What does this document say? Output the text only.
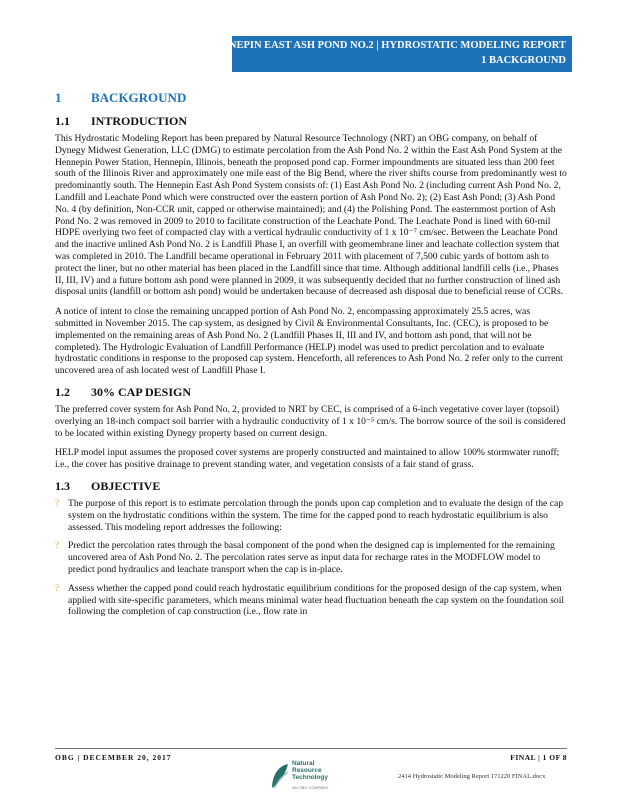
HENNEPIN EAST ASH POND NO.2 | HYDROSTATIC MODELING REPORT
1 BACKGROUND
1 BACKGROUND
1.1 INTRODUCTION

This Hydrostatic Modeling Report has been prepared by Natural Resource Technology (NRT) an OBG company, on behalf of Dynegy Midwest Generation, LLC (DMG) to estimate percolation from the Ash Pond No. 2 within the East Ash Pond System at the Hennepin Power Station, Hennepin, Illinois, beneath the proposed pond cap. Former impoundments are situated less than 200 feet south of the Illinois River and approximately one mile east of the Big Bend, where the river shifts course from predominantly west to predominantly south. The Hennepin East Ash Pond System consists of: (1) East Ash Pond No. 2 (including current Ash Pond No. 2, Landfill and Leachate Pond which were constructed over the eastern portion of Ash Pond No. 2); (2) East Ash Pond; (3) Ash Pond No. 4 (by definition, Non-CCR unit, capped or otherwise maintained); and (4) the Polishing Pond. The easternmost portion of Ash Pond No. 2 was removed in 2009 to 2010 to facilitate construction of the Leachate Pond. The Leachate Pond is lined with 60-mil HDPE overlying two feet of compacted clay with a vertical hydraulic conductivity of 1 x 10⁻⁷ cm/sec. Between the Leachate Pond and the inactive unlined Ash Pond No. 2 is Landfill Phase I, an overfill with geomembrane liner and leachate collection system that was completed in 2010. The Landfill became operational in February 2011 with placement of 7,500 cubic yards of bottom ash to protect the liner, but no other material has been placed in the Landfill since that time. Although additional landfill cells (i.e., Phases II, III, IV) and a future bottom ash pond were planned in 2009, it was subsequently decided that no further construction of lined ash disposal units (landfill or bottom ash pond) would be undertaken because of decreased ash disposal due to beneficial reuse of CCRs.

A notice of intent to close the remaining uncapped portion of Ash Pond No. 2, encompassing approximately 25.5 acres, was submitted in November 2015. The cap system, as designed by Civil & Environmental Consultants, Inc. (CEC), is proposed to be implemented on the remaining areas of Ash Pond No. 2 (Landfill Phases II, III and IV, and bottom ash pond, that will not be completed). The Hydrologic Evaluation of Landfill Performance (HELP) model was used to predict percolation and to evaluate hydrostatic conditions in response to the proposed cap system. Henceforth, all references to Ash Pond No. 2 refer only to the current uncovered area of ash located west of Landfill Phase I.

1.2 30% CAP DESIGN

The preferred cover system for Ash Pond No. 2, provided to NRT by CEC, is comprised of a 6-inch vegetative cover layer (topsoil) overlying an 18-inch compact soil barrier with a hydraulic conductivity of 1 x 10⁻⁵ cm/s. The borrow source of the soil is considered to be located within existing Dynegy property based on current design.

HELP model input assumes the proposed cover systems are properly constructed and maintained to allow 100% stormwater runoff; i.e., the cover has positive drainage to prevent standing water, and vegetation consists of a fair stand of grass.

1.3 OBJECTIVE
? The purpose of this report is to estimate percolation through the ponds upon cap completion and to evaluate the design of the cap system on the hydrostatic conditions within the system. The time for the capped pond to reach hydrostatic equilibrium is also assessed. This modeling report addresses the following:
? Predict the percolation rates through the basal component of the pond when the designed cap is implemented for the remaining uncovered area of Ash Pond No. 2. The percolation rates serve as input data for recharge rates in the MODFLOW model to predict pond hydraulics and leachate transport when the cap is in-place.
? Assess whether the capped pond could reach hydrostatic equilibrium conditions for the proposed design of the cap system, when applied with site-specific parameters, which means minimal water head fluctuation beneath the cap system on the foundation soil following the completion of cap construction (i.e., flow rate in
OBG | DECEMBER 20, 2017	FINAL | 1 OF 8
Natural
Resource
Technology
AN OBG COMPANY
2414 Hydrostatic Modeling Report 171220 FINAL.docx
